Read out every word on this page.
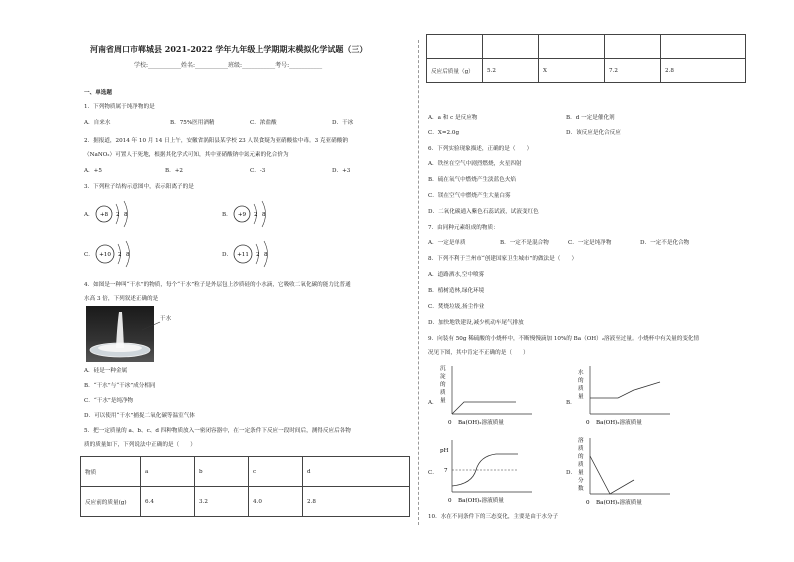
河南省周口市郸城县 2021-2022 学年九年级上学期期末模拟化学试题（三）
学校:___________姓名:___________班级:___________考号:___________
一、单选题
1．下列物质属于纯净物的是
A．自来水	B．75%医用酒精	C．浓盐酸	D．干冰
2．据报道，2014 年 10 月 14 日上午，安徽省涡阳县某学校 23 人误食疑为亚硝酸盐中毒。3 克亚硝酸钠
（NaNO₂）可置人于死地，根据其化学式可知，其中亚硝酸钠中氮元素的化合价为
A．+5	B．+2	C．-3	D．+3
3．下列粒子结构示意图中，表示阳离子的是
A． +8 2 8	B． +9 2 8
C． +10 2 8	D． +11 2 8
4．如图是一种叫“干水”的物质，每个“干水”粒子是外层包上沙质硅的小水滴，它吸收二氧化碳的能力比普通
水高 3 倍，下列叙述正确的是
干水
A．硅是一种金属
B．“干水”与“干冰”成分相同
C．“干水”是纯净物
D．可以使用“干水”捕捉二氧化碳等温室气体
5．把一定质量的 a、b、c、d 四种物质放入一密闭容器中，在一定条件下反应一段时间后，测得反应后各物
质的质量如下，下列说法中正确的是（　　）
物质	a	b	c	d
反应前的质量(g)	6.4	3.2	4.0	2.8

反应后质量（g）	5.2	X	7.2	2.8
A．a 和 c 是反应物	B．d 一定是催化剂
C．X=2.0g	D．该反应是化合反应
6．下列实验现象描述，正确的是（　　）
A．铁丝在空气中剧烈燃烧，火星四射
B．硫在氧气中燃烧产生淡蓝色火焰
C．镁在空气中燃烧产生大量白雾
D．二氧化碳通入紫色石蕊试液，试液变红色
7．由同种元素组成的物质：
A．一定是单质	B．一定不是混合物	C．一定是纯净物	D．一定不是化合物
8．下列不利于兰州市“创建国家卫生城市”的做法是（　　）
A．道路洒水,空中喷雾
B．植树造林,绿化环境
C．焚烧垃圾,扬尘作业
D．加快地铁建设,减少机动车尾气排放
9．向装有 50g 稀硫酸的小烧杯中，不断慢慢滴加 10%的 Ba（OH）₂溶液至过量。小烧杯中有关量的变化情
况见下图，其中肯定不正确的是（　　）
A．
沉
淀
的
质
量
0 Ba(OH)₂溶液质量
B．
水
的
质
量
0 Ba(OH)₂溶液质量
C．
pH
7
0 Ba(OH)₂溶液质量
D．
溶
质
的
质
量
分
数
0 Ba(OH)₂溶液质量
10．水在不同条件下的三态变化，主要是由于水分子
